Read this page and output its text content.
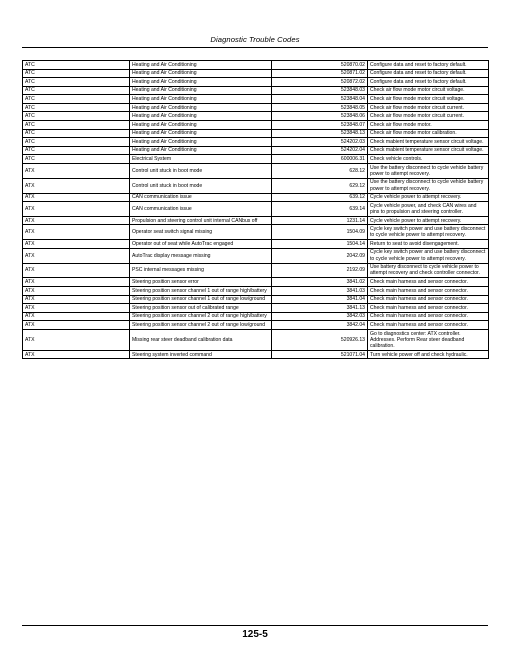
Diagnostic Trouble Codes
ATC	Heating and Air Conditioning	520870.02	Configure data and reset to factory default.
ATC	Heating and Air Conditioning	520871.02	Configure data and reset to factory default.
ATC	Heating and Air Conditioning	520872.02	Configure data and reset to factory default.
ATC	Heating and Air Conditioning	523848.03	Check air flow mode motor circuit voltage.
ATC	Heating and Air Conditioning	523848.04	Check air flow mode motor circuit voltage.
ATC	Heating and Air Conditioning	523848.05	Check air flow mode motor circuit current.
ATC	Heating and Air Conditioning	523848.06	Check air flow mode motor circuit current.
ATC	Heating and Air Conditioning	523848.07	Check air flow mode motor.
ATC	Heating and Air Conditioning	523848.13	Check air flow mode motor calibration.
ATC	Heating and Air Conditioning	524202.03	Check mabient temperature sensor circuit voltage.
ATC	Heating and Air Conditioning	524202.04	Check mabient temperature sensor circuit voltage.
ATC	Electrical System	600006.31	Check vehicle controls.
ATX	Control unit stuck in boot mode	628.12	Use the battery disconnect to cycle vehicle battery power to attempt recovery.
ATX	Control unit stuck in boot mode	629.12	Use the battery disconnect to cycle vehicle battery power to attempt recovery.
ATX	CAN communication issue	639.12	Cycle vehicle power to attempt recovery.
ATX	CAN communication issue	639.14	Cycle vehicle power, and check CAN wires and pins to propulsion and steering controller.
ATX	Propulsion and steering control unit internal CANbus off	1231.14	Cycle vehicle power to attempt recovery.
ATX	Operator seat switch signal missing	1504.09	Cycle key switch power and use battery disconnect to cycle vehicle power to attempt recovery.
ATX	Operator out of seat while AutoTrac engaged	1504.14	Return to seat to avoid disengagement.
ATX	AutoTrac display message missing	2042.09	Cycle key switch power and use battery disconnect to cycle vehicle power to attempt recovery.
ATX	PSC internal messages missing	2192.09	Use battery disconnect to cycle vehicle power to attempt recovery and check controller connector.
ATX	Steering position sensor error	3841.02	Check main harness and sensor connector.
ATX	Steering position sensor channel 1 out of range high/battery	3841.03	Check main harness and sensor connector.
ATX	Steering position sensor channel 1 out of range low/ground	3841.04	Check main harness and sensor connector.
ATX	Steering position sensor out of calibrated range	3841.13	Check main harness and sensor connector.
ATX	Steering position sensor channel 2 out of range high/battery	3842.03	Check main harness and sensor connector.
ATX	Steering position sensor channel 2 out of range low/ground	3842.04	Check main harness and sensor connector.
ATX	Missing rear steer deadband calibration data	520926.13	Go to diagnostics center: ATX controller. Addresses. Perform Rear steer deadband calibration.
ATX	Steering system inverted command	521071.04	Turn vehicle power off and check hydraulic.
125-5
